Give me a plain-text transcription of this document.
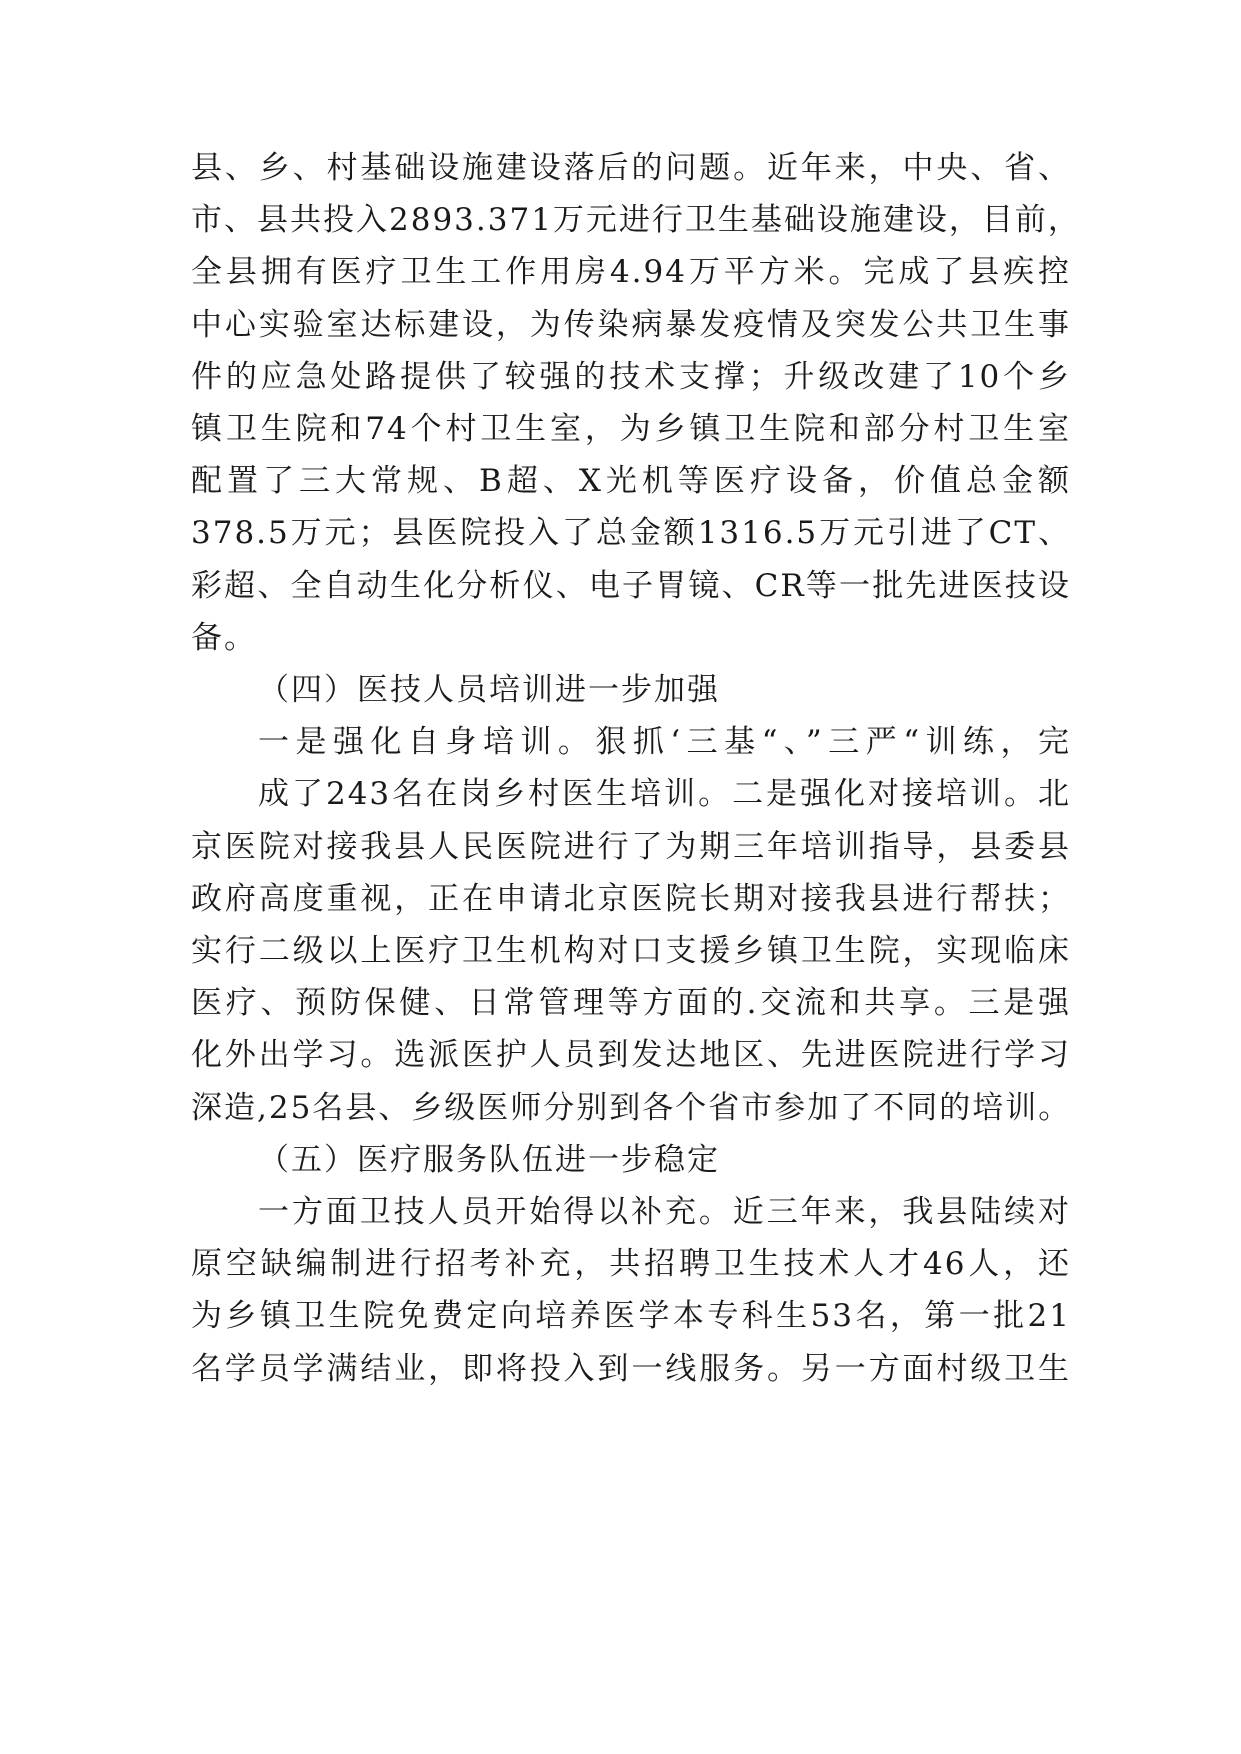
县、乡、村基础设施建设落后的问题。近年来，中央、省、
市、县共投入2893.371万元进行卫生基础设施建设，目前，
全县拥有医疗卫生工作用房4.94万平方米。完成了县疾控
中心实验室达标建设，为传染病暴发疫情及突发公共卫生事
件的应急处路提供了较强的技术支撑；升级改建了10个乡
镇卫生院和74个村卫生室，为乡镇卫生院和部分村卫生室
配置了三大常规、B超、X光机等医疗设备，价值总金额
378.5万元；县医院投入了总金额1316.5万元引进了CT、
彩超、全自动生化分析仪、电子胃镜、CR等一批先进医技设
备。
（四）医技人员培训进一步加强
一是强化自身培训。狠抓‘三基“、”三严“训练，完
成了243名在岗乡村医生培训。二是强化对接培训。北
京医院对接我县人民医院进行了为期三年培训指导，县委县
政府高度重视，正在申请北京医院长期对接我县进行帮扶；
实行二级以上医疗卫生机构对口支援乡镇卫生院，实现临床
医疗、预防保健、日常管理等方面的.交流和共享。三是强
化外出学习。选派医护人员到发达地区、先进医院进行学习
深造,25名县、乡级医师分别到各个省市参加了不同的培训。
（五）医疗服务队伍进一步稳定
一方面卫技人员开始得以补充。近三年来，我县陆续对
原空缺编制进行招考补充，共招聘卫生技术人才46人，还
为乡镇卫生院免费定向培养医学本专科生53名，第一批21
名学员学满结业，即将投入到一线服务。另一方面村级卫生
